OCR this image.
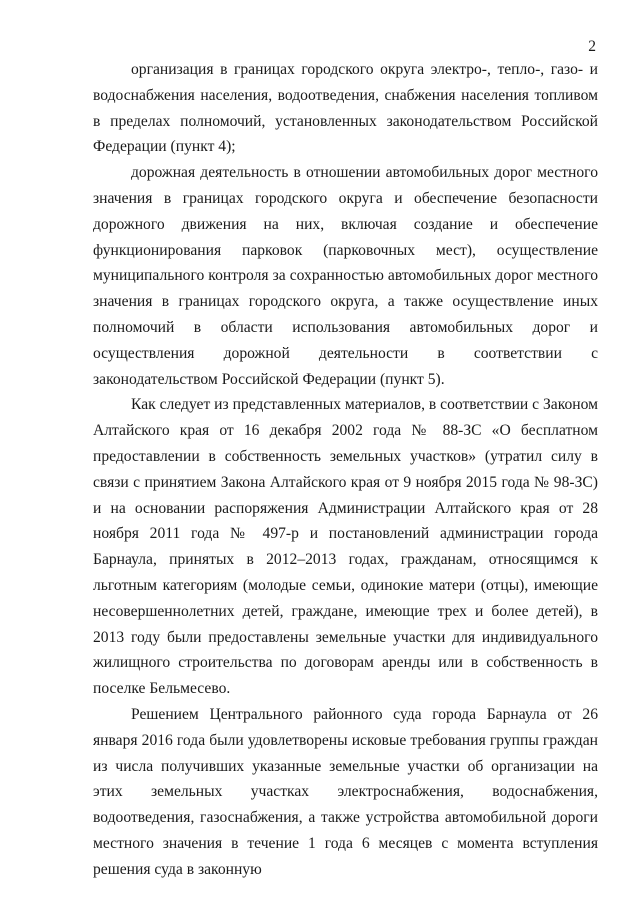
2

организация в границах городского округа электро-, тепло-, газо- и водоснабжения населения, водоотведения, снабжения населения топливом в пределах полномочий, установленных законодательством Российской Федерации (пункт 4);

дорожная деятельность в отношении автомобильных дорог местного значения в границах городского округа и обеспечение безопасности дорожного движения на них, включая создание и обеспечение функционирования парковок (парковочных мест), осуществление муниципального контроля за сохранностью автомобильных дорог местного значения в границах городского округа, а также осуществление иных полномочий в области использования автомобильных дорог и осуществления дорожной деятельности в соответствии с законодательством Российской Федерации (пункт 5).

Как следует из представленных материалов, в соответствии с Законом Алтайского края от 16 декабря 2002 года № 88-ЗС «О бесплатном предоставлении в собственность земельных участков» (утратил силу в связи с принятием Закона Алтайского края от 9 ноября 2015 года № 98-ЗС) и на основании распоряжения Администрации Алтайского края от 28 ноября 2011 года № 497-р и постановлений администрации города Барнаула, принятых в 2012–2013 годах, гражданам, относящимся к льготным категориям (молодые семьи, одинокие матери (отцы), имеющие несовершеннолетних детей, граждане, имеющие трех и более детей), в 2013 году были предоставлены земельные участки для индивидуального жилищного строительства по договорам аренды или в собственность в поселке Бельмесево.

Решением Центрального районного суда города Барнаула от 26 января 2016 года были удовлетворены исковые требования группы граждан из числа получивших указанные земельные участки об организации на этих земельных участках электроснабжения, водоснабжения, водоотведения, газоснабжения, а также устройства автомобильной дороги местного значения в течение 1 года 6 месяцев с момента вступления решения суда в законную
